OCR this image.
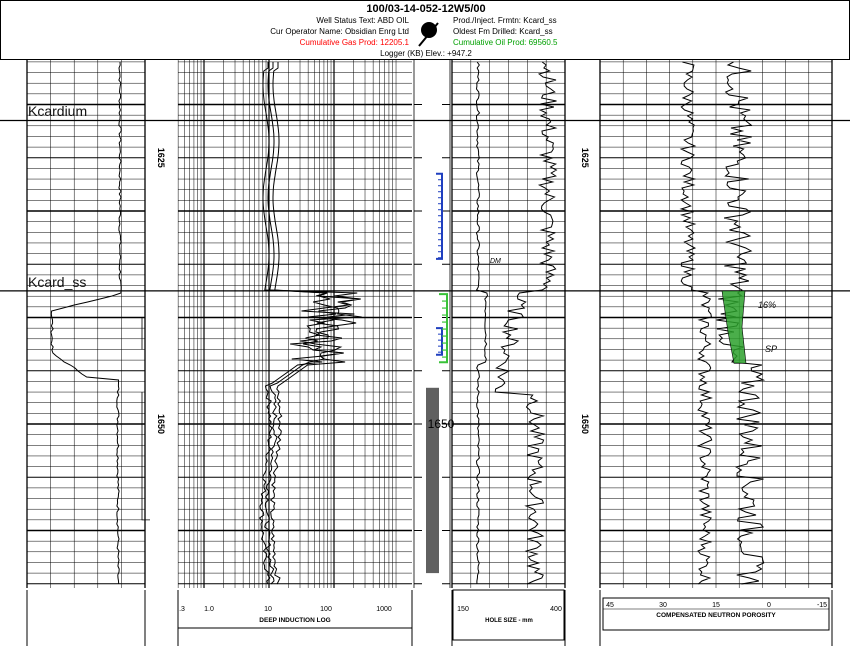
100/03-14-052-12W5/00
Well Status Text: ABD OIL
Cur Operator Name: Obsidian Enrg Ltd
Cumulative Gas Prod: 12205.1
Prod./Inject. Frmtn: Kcard_ss
Oldest Fm Drilled: Kcard_ss
Cumulative Oil Prod: 69560.5
Logger (KB) Elev.: +947.2
1625
1650
1625
1650
1650
DM
16%
SP
.3	1.0	10	100	1000
DEEP INDUCTION LOG
150	400
HOLE SIZE - mm
45	30	15	0	-15
COMPENSATED NEUTRON POROSITY
Kcardium
Kcard_ss
